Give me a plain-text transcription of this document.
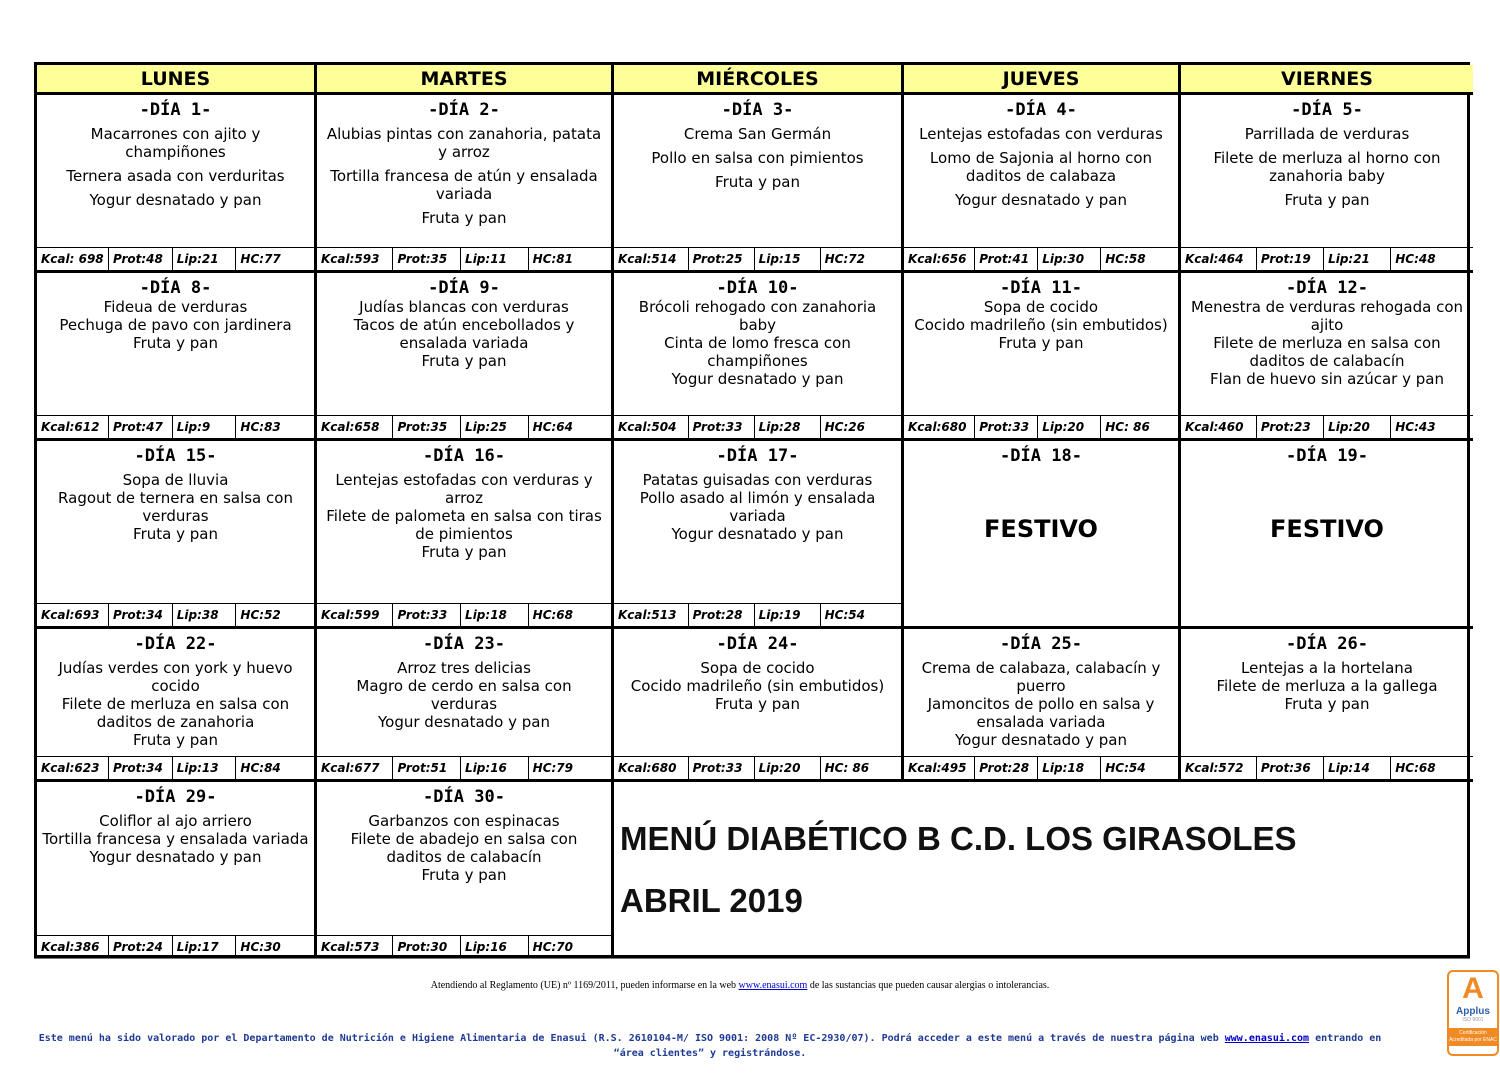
LUNES	MARTES	MIÉRCOLES	JUEVES	VIERNES
-DÍA 1-
Macarrones con ajito y champiñones
Ternera asada con verduritas
Yogur desnatado y pan
Kcal: 698 Prot:48	Lip:21	HC:77
-DÍA 2-
Alubias pintas con zanahoria, patata y arroz
Tortilla francesa de atún y ensalada variada
Fruta y pan
Kcal:593	Prot:35	Lip:11	HC:81
-DÍA 3-
Crema San Germán
Pollo en salsa con pimientos
Fruta y pan
Kcal:514	Prot:25	Lip:15	HC:72
-DÍA 4-
Lentejas estofadas con verduras
Lomo de Sajonia al horno con daditos de calabaza
Yogur desnatado y pan
Kcal:656	Prot:41	Lip:30	HC:58
-DÍA 5-
Parrillada de verduras
Filete de merluza al horno con zanahoria baby
Fruta y pan
Kcal:464	Prot:19	Lip:21	HC:48
-DÍA 8-
Fideua de verduras
Pechuga de pavo con jardinera
Fruta y pan
Kcal:612	Prot:47	Lip:9	HC:83
-DÍA 9-
Judías blancas con verduras
Tacos de atún encebollados y ensalada variada
Fruta y pan
Kcal:658	Prot:35	Lip:25	HC:64
-DÍA 10-
Brócoli rehogado con zanahoria baby
Cinta de lomo fresca con champiñones
Yogur desnatado y pan
Kcal:504	Prot:33	Lip:28	HC:26
-DÍA 11-
Sopa de cocido
Cocido madrileño (sin embutidos)
Fruta y pan
Kcal:680	Prot:33	Lip:20	HC: 86
-DÍA 12-
Menestra de verduras rehogada con ajito
Filete de merluza en salsa con daditos de calabacín
Flan de huevo sin azúcar y pan
Kcal:460	Prot:23	Lip:20	HC:43
-DÍA 15-
Sopa de lluvia
Ragout de ternera en salsa con verduras
Fruta y pan
Kcal:693	Prot:34	Lip:38	HC:52
-DÍA 16-
Lentejas estofadas con verduras y arroz
Filete de palometa en salsa con tiras de pimientos
Fruta y pan
Kcal:599	Prot:33	Lip:18	HC:68
-DÍA 17-
Patatas guisadas con verduras
Pollo asado al limón y ensalada variada
Yogur desnatado y pan
Kcal:513	Prot:28	Lip:19	HC:54
-DÍA 18-
FESTIVO
-DÍA 19-
FESTIVO
-DÍA 22-
Judías verdes con york y huevo cocido
Filete de merluza en salsa con daditos de zanahoria
Fruta y pan
Kcal:623	Prot:34	Lip:13	HC:84
-DÍA 23-
Arroz tres delicias
Magro de cerdo en salsa con verduras
Yogur desnatado y pan
Kcal:677	Prot:51	Lip:16	HC:79
-DÍA 24-
Sopa de cocido
Cocido madrileño (sin embutidos)
Fruta y pan
Kcal:680	Prot:33	Lip:20	HC: 86
-DÍA 25-
Crema de calabaza, calabacín y puerro
Jamoncitos de pollo en salsa y ensalada variada
Yogur desnatado y pan
Kcal:495	Prot:28	Lip:18	HC:54
-DÍA 26-
Lentejas a la hortelana
Filete de merluza a la gallega
Fruta y pan
Kcal:572	Prot:36	Lip:14	HC:68
-DÍA 29-
Coliflor al ajo arriero
Tortilla francesa y ensalada variada
Yogur desnatado y pan
Kcal:386	Prot:24	Lip:17	HC:30
-DÍA 30-
Garbanzos con espinacas
Filete de abadejo en salsa con daditos de calabacín
Fruta y pan
Kcal:573	Prot:30	Lip:16	HC:70
MENÚ DIABÉTICO B C.D. LOS GIRASOLES
ABRIL 2019
Atendiendo al Reglamento (UE) nº 1169/2011, pueden informarse en la web www.enasui.com de las sustancias que pueden causar alergias o intolerancias.
Este menú ha sido valorado por el Departamento de Nutrición e Higiene Alimentaria de Enasui (R.S. 2610104-M/ ISO 9001: 2008 Nº EC-2930/07). Podrá acceder a este menú a través de nuestra página web www.enasui.com entrando en “área clientes” y registrándose.
A
Applus
ISO 9001
Certificación Acreditada por ENAC
